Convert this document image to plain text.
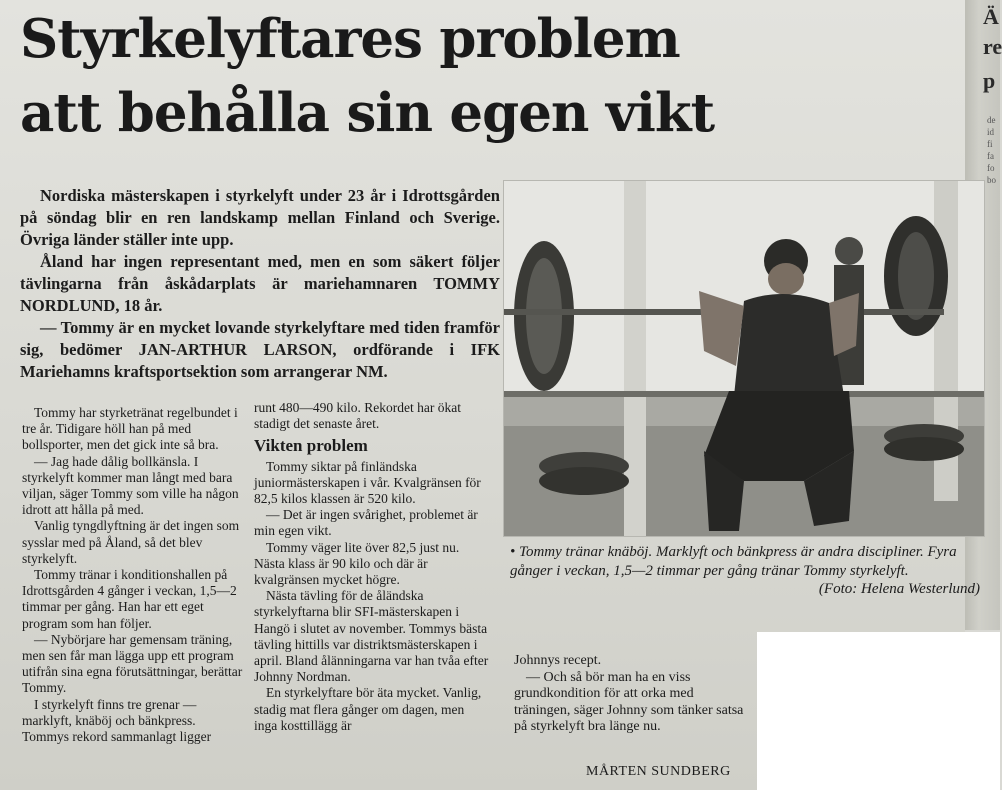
Ä
re
p
de
id
fi
fa
fo
bo
Styrkelyftares problem
att behålla sin egen vikt

Nordiska mästerskapen i styrkelyft under 23 år i Idrottsgården på söndag blir en ren landskamp mellan Finland och Sverige. Övriga länder ställer inte upp.

Åland har ingen representant med, men en som säkert följer tävlingarna från åskådarplats är mariehamnaren TOMMY NORDLUND, 18 år.

— Tommy är en mycket lovande styrkelyftare med tiden framför sig, bedömer JAN-ARTHUR LARSON, ordförande i IFK Mariehamns kraftsportsektion som arrangerar NM.

Tommy har styrketränat regelbundet i tre år. Tidigare höll han på med bollsporter, men det gick inte så bra.

— Jag hade dålig bollkänsla. I styrkelyft kommer man långt med bara viljan, säger Tommy som ville ha någon idrott att hålla på med.

Vanlig tyngdlyftning är det ingen som sysslar med på Åland, så det blev styrkelyft.

Tommy tränar i konditionshallen på Idrottsgården 4 gånger i veckan, 1,5—2 timmar per gång. Han har ett eget program som han följer.

— Nybörjare har gemensam träning, men sen får man lägga upp ett program utifrån sina egna förutsättningar, berättar Tommy.

I styrkelyft finns tre grenar — marklyft, knäböj och bänkpress. Tommys rekord sammanlagt ligger

runt 480—490 kilo. Rekordet har ökat stadigt det senaste året.

Vikten problem

Tommy siktar på finländska juniormästerskapen i vår. Kvalgränsen för 82,5 kilos klassen är 520 kilo.

— Det är ingen svårighet, problemet är min egen vikt.

Tommy väger lite över 82,5 just nu. Nästa klass är 90 kilo och där är kvalgränsen mycket högre.

Nästa tävling för de åländska styrkelyftarna blir SFI-mästerskapen i Hangö i slutet av november. Tommys bästa tävling hittills var distriktsmästerskapen i april. Bland ålänningarna var han tvåa efter Johnny Nordman.

En styrkelyftare bör äta mycket. Vanlig, stadig mat flera gånger om dagen, men inga kosttillägg är

• Tommy tränar knäböj. Marklyft och bänkpress är andra discipliner. Fyra gånger i veckan, 1,5—2 timmar per gång tränar Tommy styrkelyft.
(Foto: Helena Westerlund)

Johnnys recept.

— Och så bör man ha en viss grundkondition för att orka med träningen, säger Johnny som tänker satsa på styrkelyft bra länge nu.

MÅRTEN SUNDBERG
